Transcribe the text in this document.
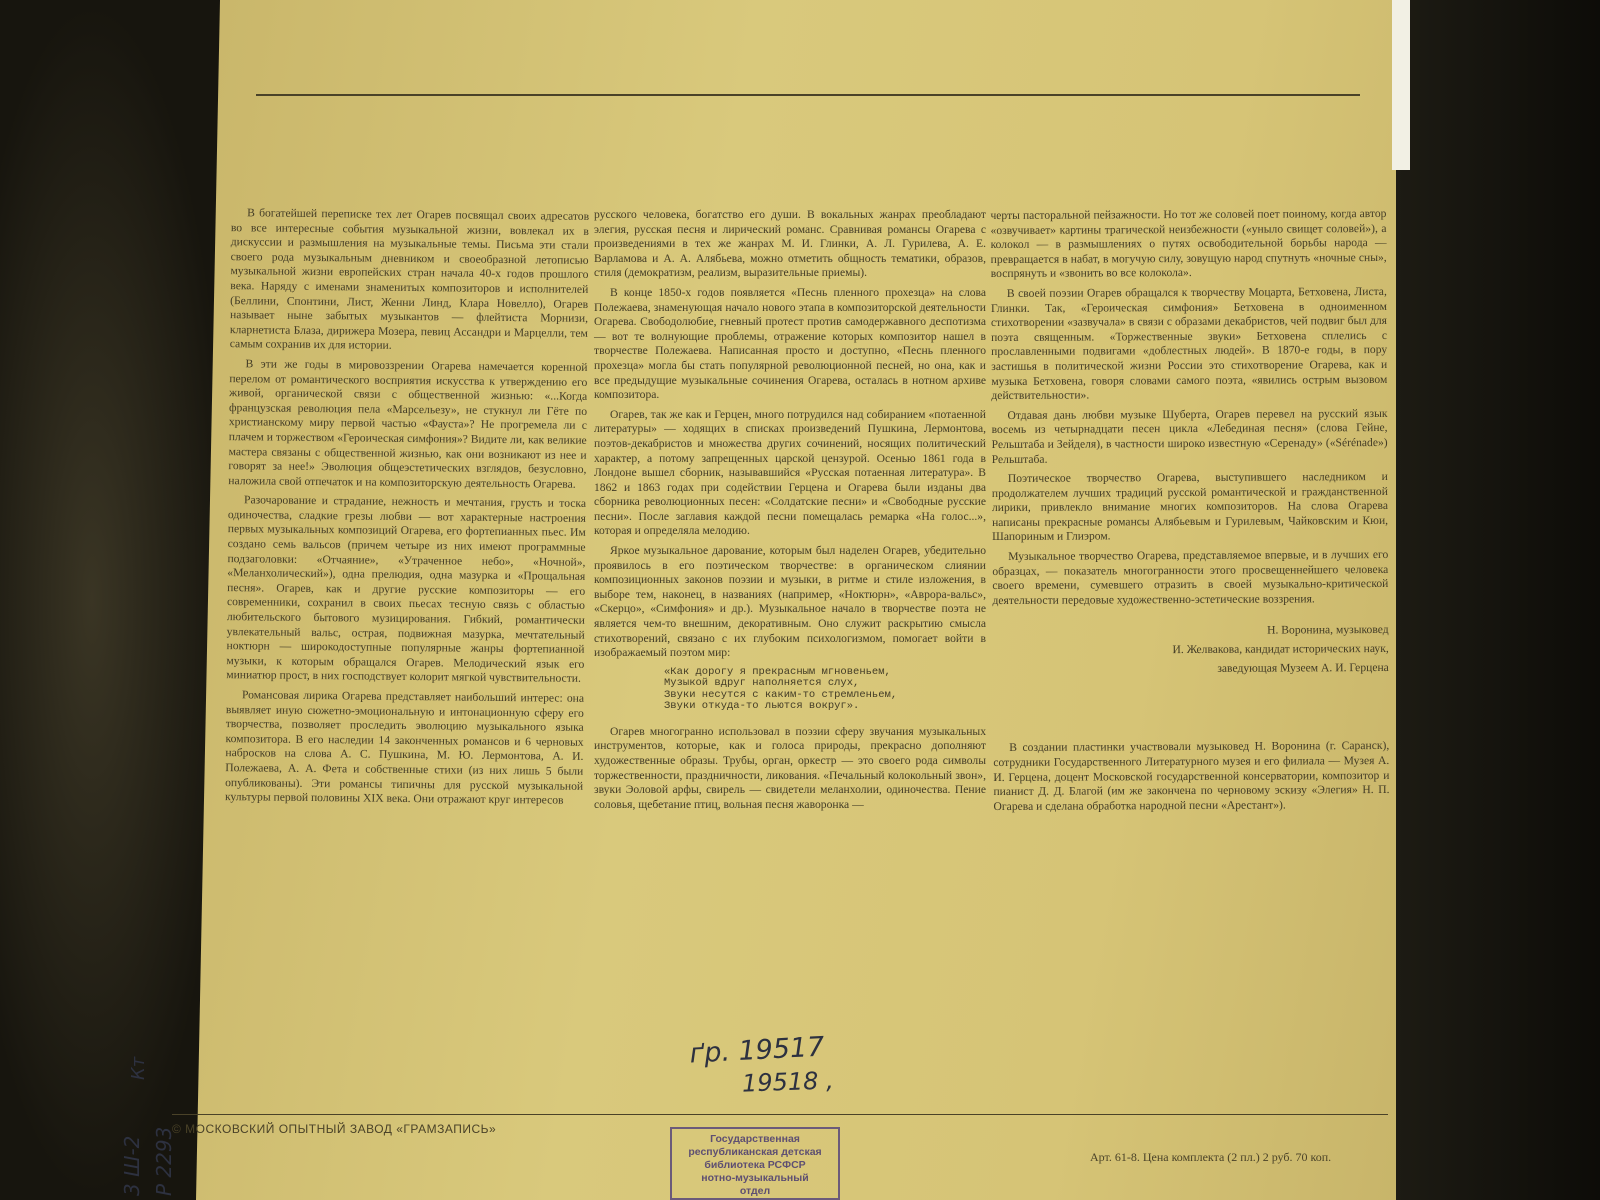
В богатейшей переписке тех лет Огарев посвящал своих адресатов во все интересные события музыкальной жизни, вовлекал их в дискуссии и размышления на музыкальные темы. Письма эти стали своего рода музыкальным дневником и своеобразной летописью музыкальной жизни европейских стран начала 40-х годов прошлого века. Наряду с именами знаменитых композиторов и исполнителей (Беллини, Спонтини, Лист, Женни Линд, Клара Новелло), Огарев называет ныне забытых музыкантов — флейтиста Морнизи, кларнетиста Блаза, дирижера Мозера, певиц Ассандри и Марцелли, тем самым сохранив их для истории.

В эти же годы в мировоззрении Огарева намечается коренной перелом от романтического восприятия искусства к утверждению его живой, органической связи с общественной жизнью: «...Когда французская революция пела «Марсельезу», не стукнул ли Гёте по христианскому миру первой частью «Фауста»? Не прогремела ли с плачем и торжеством «Героическая симфония»? Видите ли, как великие мастера связаны с общественной жизнью, как они возникают из нее и говорят за нее!» Эволюция общеэстетических взглядов, безусловно, наложила свой отпечаток и на композиторскую деятельность Огарева.

Разочарование и страдание, нежность и мечтания, грусть и тоска одиночества, сладкие грезы любви — вот характерные настроения первых музыкальных композиций Огарева, его фортепианных пьес. Им создано семь вальсов (причем четыре из них имеют программные подзаголовки: «Отчаяние», «Утраченное небо», «Ночной», «Меланхолический»), одна прелюдия, одна мазурка и «Прощальная песня». Огарев, как и другие русские композиторы — его современники, сохранил в своих пьесах тесную связь с областью любительского бытового музицирования. Гибкий, романтически увлекательный вальс, острая, подвижная мазурка, мечтательный ноктюрн — широкодоступные популярные жанры фортепианной музыки, к которым обращался Огарев. Мелодический язык его миниатюр прост, в них господствует колорит мягкой чувствительности.

Романсовая лирика Огарева представляет наибольший интерес: она выявляет иную сюжетно-эмоциональную и интонационную сферу его творчества, позволяет проследить эволюцию музыкального языка композитора. В его наследии 14 законченных романсов и 6 черновых набросков на слова А. С. Пушкина, М. Ю. Лермонтова, А. И. Полежаева, А. А. Фета и собственные стихи (из них лишь 5 были опубликованы). Эти романсы типичны для русской музыкальной культуры первой половины XIX века. Они отражают круг интересов

русского человека, богатство его души. В вокальных жанрах преобладают элегия, русская песня и лирический романс. Сравнивая романсы Огарева с произведениями в тех же жанрах М. И. Глинки, А. Л. Гурилева, А. Е. Варламова и А. А. Алябьева, можно отметить общность тематики, образов, стиля (демократизм, реализм, выразительные приемы).

В конце 1850-х годов появляется «Песнь пленного прохезца» на слова Полежаева, знаменующая начало нового этапа в композиторской деятельности Огарева. Свободолюбие, гневный протест против самодержавного деспотизма — вот те волнующие проблемы, отражение которых композитор нашел в творчестве Полежаева. Написанная просто и доступно, «Песнь пленного прохезца» могла бы стать популярной революционной песней, но она, как и все предыдущие музыкальные сочинения Огарева, осталась в нотном архиве композитора.

Огарев, так же как и Герцен, много потрудился над собиранием «потаенной литературы» — ходящих в списках произведений Пушкина, Лермонтова, поэтов-декабристов и множества других сочинений, носящих политический характер, а потому запрещенных царской цензурой. Осенью 1861 года в Лондоне вышел сборник, называвшийся «Русская потаенная литература». В 1862 и 1863 годах при содействии Герцена и Огарева были изданы два сборника революционных песен: «Солдатские песни» и «Свободные русские песни». После заглавия каждой песни помещалась ремарка «На голос...», которая и определяла мелодию.

Яркое музыкальное дарование, которым был наделен Огарев, убедительно проявилось в его поэтическом творчестве: в органическом слиянии композиционных законов поэзии и музыки, в ритме и стиле изложения, в выборе тем, наконец, в названиях (например, «Ноктюрн», «Аврора-вальс», «Скерцо», «Симфония» и др.). Музыкальное начало в творчестве поэта не является чем-то внешним, декоративным. Оно служит раскрытию смысла стихотворений, связано с их глубоким психологизмом, помогает войти в изображаемый поэтом мир:

«Как дорогу я прекрасным мгновеньем,
Музыкой вдруг наполняется слух,
Звуки несутся с каким-то стремленьем,
Звуки откуда-то льются вокруг».

Огарев многогранно использовал в поэзии сферу звучания музыкальных инструментов, которые, как и голоса природы, прекрасно дополняют художественные образы. Трубы, орган, оркестр — это своего рода символы торжественности, праздничности, ликования. «Печальный колокольный звон», звуки Эоловой арфы, свирель — свидетели меланхолии, одиночества. Пение соловья, щебетание птиц, вольная песня жаворонка —

черты пасторальной пейзажности. Но тот же соловей поет поиному, когда автор «озвучивает» картины трагической неизбежности («уныло свищет соловей»), а колокол — в размышлениях о путях освободительной борьбы народа — превращается в набат, в могучую силу, зовущую народ спутнуть «ночные сны», воспрянуть и «звонить во все колокола».

В своей поэзии Огарев обращался к творчеству Моцарта, Бетховена, Листа, Глинки. Так, «Героическая симфония» Бетховена в одноименном стихотворении «зазвучала» в связи с образами декабристов, чей подвиг был для поэта священным. «Торжественные звуки» Бетховена сплелись с прославленными подвигами «доблестных людей». В 1870-е годы, в пору застишья в политической жизни России это стихотворение Огарева, как и музыка Бетховена, говоря словами самого поэта, «явились острым вызовом действительности».

Отдавая дань любви музыке Шуберта, Огарев перевел на русский язык восемь из четырнадцати песен цикла «Лебединая песня» (слова Гейне, Рельштаба и Зейделя), в частности широко известную «Серенаду» («Sérénade») Рельштаба.

Поэтическое творчество Огарева, выступившего наследником и продолжателем лучших традиций русской романтической и гражданственной лирики, привлекло внимание многих композиторов. На слова Огарева написаны прекрасные романсы Алябьевым и Гурилевым, Чайковским и Кюи, Шапориным и Глиэром.

Музыкальное творчество Огарева, представляемое впервые, и в лучших его образцах, — показатель многогранности этого просвещеннейшего человека своего времени, сумевшего отразить в своей музыкально-критической деятельности передовые художественно-эстетические воззрения.

Н. Воронина, музыковед
И. Желвакова, кандидат исторических наук,
заведующая Музеем А. И. Герцена

В создании пластинки участвовали музыковед Н. Воронина (г. Саранск), сотрудники Государственного Литературного музея и его филиала — Музея А. И. Герцена, доцент Московской государственной консерватории, композитор и пианист Д. Д. Благой (им же закончена по черновому эскизу «Элегия» Н. П. Огарева и сделана обработка народной песни «Арестант»).

© МОСКОВСКИЙ ОПЫТНЫЙ ЗАВОД «ГРАМЗАПИСЬ»
Арт. 61-8. Цена комплекта (2 пл.) 2 руб. 70 коп.
Государственная
республиканская детская
библиотека РСФСР
нотно-музыкальный
отдел
ґр. 19517
19518 ,
Р 2293
3 Ш-2
Кт
